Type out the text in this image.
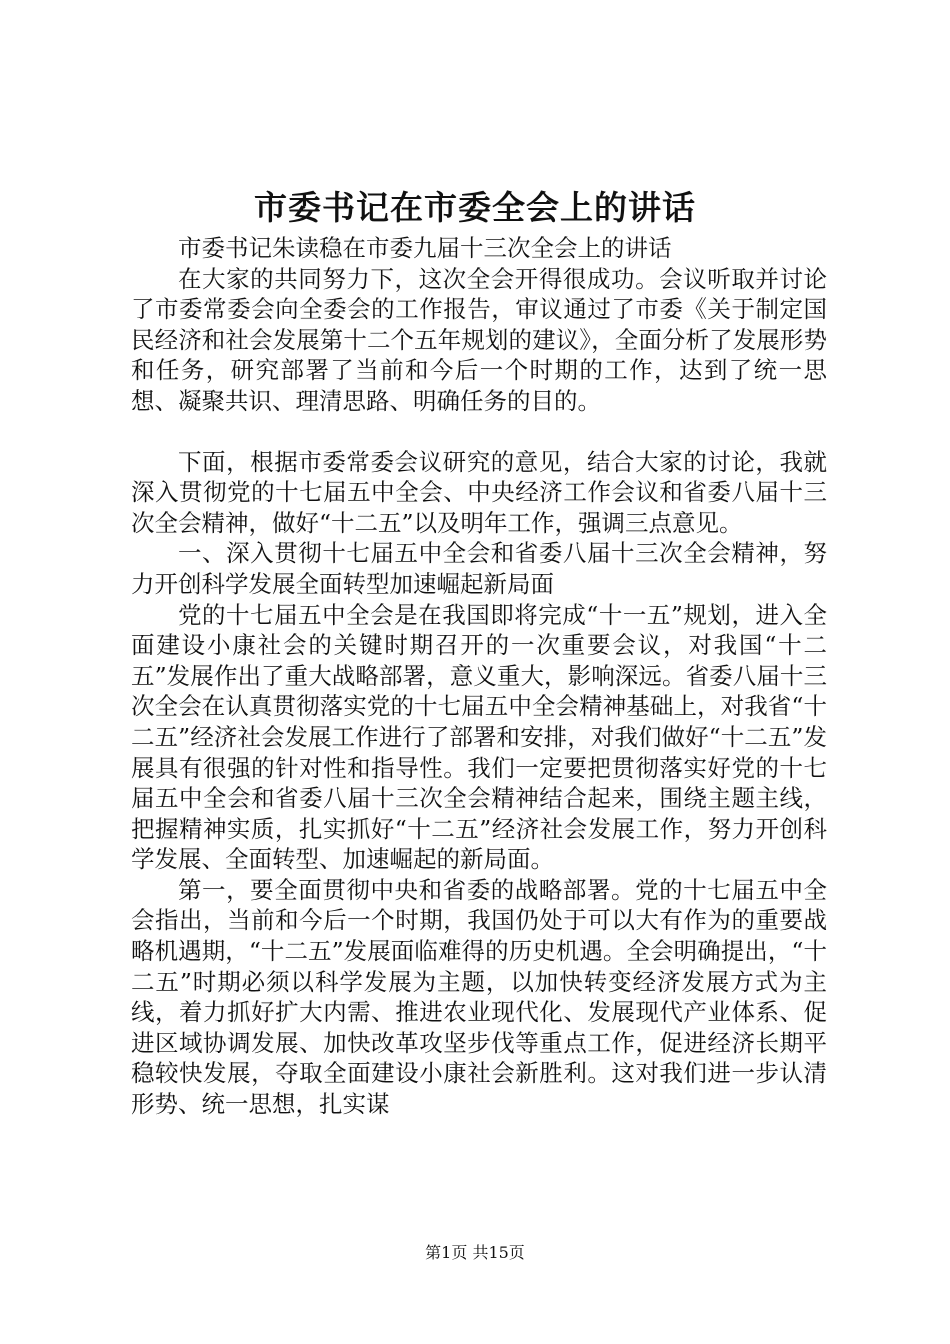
市委书记在市委全会上的讲话

市委书记朱读稳在市委九届十三次全会上的讲话

在大家的共同努力下，这次全会开得很成功。会议听取并讨论了市委常委会向全委会的工作报告，审议通过了市委《关于制定国民经济和社会发展第十二个五年规划的建议》，全面分析了发展形势和任务，研究部署了当前和今后一个时期的工作，达到了统一思想、凝聚共识、理清思路、明确任务的目的。

下面，根据市委常委会议研究的意见，结合大家的讨论，我就深入贯彻党的十七届五中全会、中央经济工作会议和省委八届十三次全会精神，做好“十二五”以及明年工作，强调三点意见。

一、深入贯彻十七届五中全会和省委八届十三次全会精神，努力开创科学发展全面转型加速崛起新局面

党的十七届五中全会是在我国即将完成“十一五”规划，进入全面建设小康社会的关键时期召开的一次重要会议，对我国“十二五”发展作出了重大战略部署，意义重大，影响深远。省委八届十三次全会在认真贯彻落实党的十七届五中全会精神基础上，对我省“十二五”经济社会发展工作进行了部署和安排，对我们做好“十二五”发展具有很强的针对性和指导性。我们一定要把贯彻落实好党的十七届五中全会和省委八届十三次全会精神结合起来，围绕主题主线，把握精神实质，扎实抓好“十二五”经济社会发展工作，努力开创科学发展、全面转型、加速崛起的新局面。

第一，要全面贯彻中央和省委的战略部署。党的十七届五中全会指出，当前和今后一个时期，我国仍处于可以大有作为的重要战略机遇期，“十二五”发展面临难得的历史机遇。全会明确提出，“十二五”时期必须以科学发展为主题，以加快转变经济发展方式为主线，着力抓好扩大内需、推进农业现代化、发展现代产业体系、促进区域协调发展、加快改革攻坚步伐等重点工作，促进经济长期平稳较快发展，夺取全面建设小康社会新胜利。这对我们进一步认清形势、统一思想，扎实谋

第1页 共15页
